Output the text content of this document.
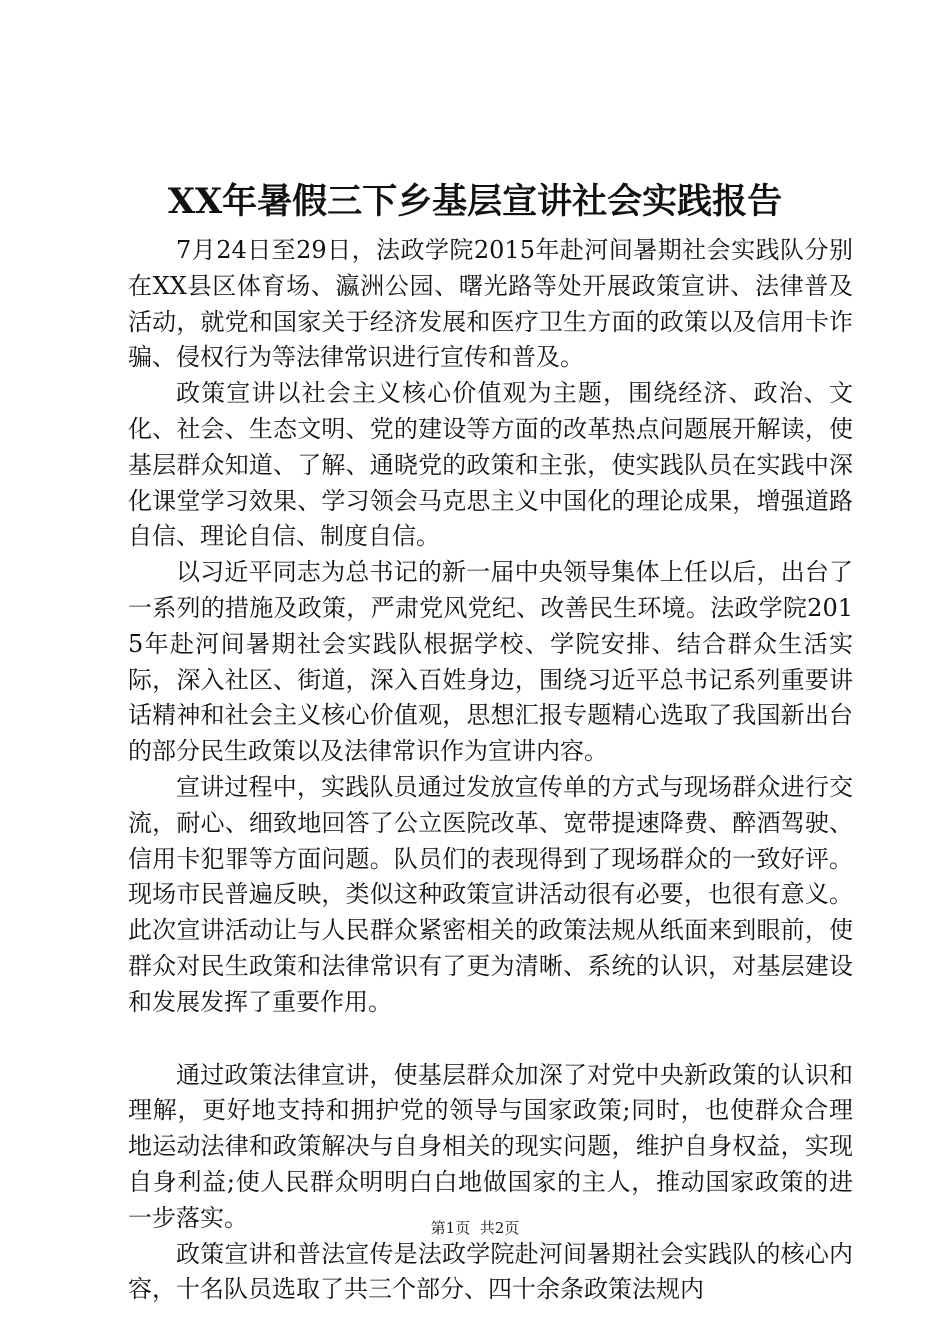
XX年暑假三下乡基层宣讲社会实践报告

7月24日至29日，法政学院2015年赴河间暑期社会实践队分别在XX县区体育场、瀛洲公园、曙光路等处开展政策宣讲、法律普及活动，就党和国家关于经济发展和医疗卫生方面的政策以及信用卡诈骗、侵权行为等法律常识进行宣传和普及。

政策宣讲以社会主义核心价值观为主题，围绕经济、政治、文化、社会、生态文明、党的建设等方面的改革热点问题展开解读，使基层群众知道、了解、通晓党的政策和主张，使实践队员在实践中深化课堂学习效果、学习领会马克思主义中国化的理论成果，增强道路自信、理论自信、制度自信。

以习近平同志为总书记的新一届中央领导集体上任以后，出台了一系列的措施及政策，严肃党风党纪、改善民生环境。法政学院2015年赴河间暑期社会实践队根据学校、学院安排、结合群众生活实际，深入社区、街道，深入百姓身边，围绕习近平总书记系列重要讲话精神和社会主义核心价值观，思想汇报专题精心选取了我国新出台的部分民生政策以及法律常识作为宣讲内容。

宣讲过程中，实践队员通过发放宣传单的方式与现场群众进行交流，耐心、细致地回答了公立医院改革、宽带提速降费、醉酒驾驶、信用卡犯罪等方面问题。队员们的表现得到了现场群众的一致好评。现场市民普遍反映，类似这种政策宣讲活动很有必要，也很有意义。此次宣讲活动让与人民群众紧密相关的政策法规从纸面来到眼前，使群众对民生政策和法律常识有了更为清晰、系统的认识，对基层建设和发展发挥了重要作用。

通过政策法律宣讲，使基层群众加深了对党中央新政策的认识和理解，更好地支持和拥护党的领导与国家政策;同时，也使群众合理地运动法律和政策解决与自身相关的现实问题，维护自身权益，实现自身利益;使人民群众明明白白地做国家的主人，推动国家政策的进一步落实。

政策宣讲和普法宣传是法政学院赴河间暑期社会实践队的核心内容，十名队员选取了共三个部分、四十余条政策法规内

第1页 共2页
